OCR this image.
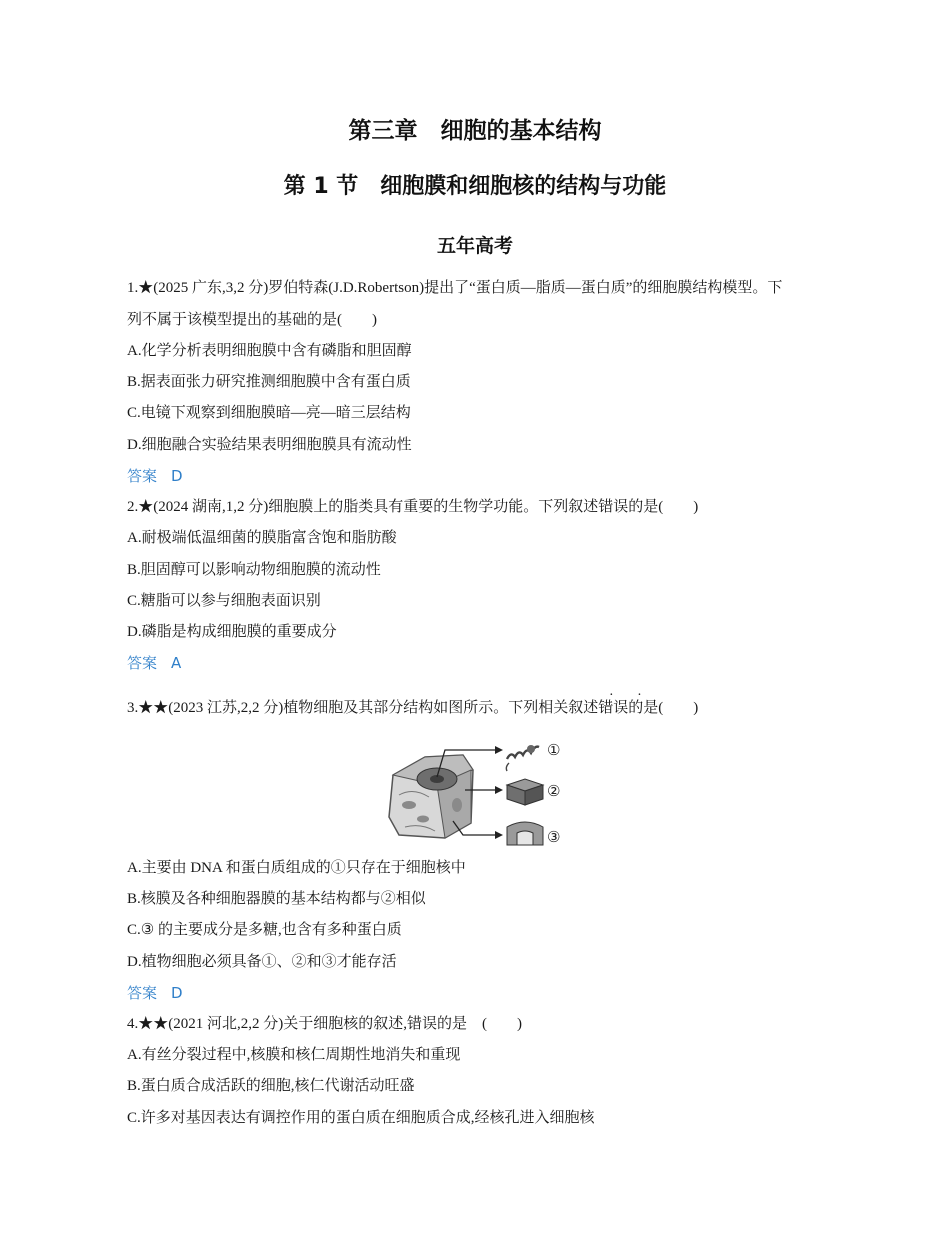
第三章　细胞的基本结构
第 1 节　细胞膜和细胞核的结构与功能
五年高考
1.★(2025 广东,3,2 分)罗伯特森(J.D.Robertson)提出了“蛋白质—脂质—蛋白质”的细胞膜结构模型。下
列不属于该模型提出的基础的是(　　)
A.化学分析表明细胞膜中含有磷脂和胆固醇
B.据表面张力研究推测细胞膜中含有蛋白质
C.电镜下观察到细胞膜暗—亮—暗三层结构
D.细胞融合实验结果表明细胞膜具有流动性
答案 D
2.★(2024 湖南,1,2 分)细胞膜上的脂类具有重要的生物学功能。下列叙述错误的是(　　)
A.耐极端低温细菌的膜脂富含饱和脂肪酸
B.胆固醇可以影响动物细胞膜的流动性
C.糖脂可以参与细胞表面识别
D.磷脂是构成细胞膜的重要成分
答案 A
· ·
3.★★(2023 江苏,2,2 分)植物细胞及其部分结构如图所示。下列相关叙述错误的是(　　)
①
②
③
A.主要由 DNA 和蛋白质组成的①只存在于细胞核中
B.核膜及各种细胞器膜的基本结构都与②相似
C.③ 的主要成分是多糖,也含有多种蛋白质
D.植物细胞必须具备①、②和③才能存活
答案 D
4.★★(2021 河北,2,2 分)关于细胞核的叙述,错误的是　(　　)
A.有丝分裂过程中,核膜和核仁周期性地消失和重现
B.蛋白质合成活跃的细胞,核仁代谢活动旺盛
C.许多对基因表达有调控作用的蛋白质在细胞质合成,经核孔进入细胞核
